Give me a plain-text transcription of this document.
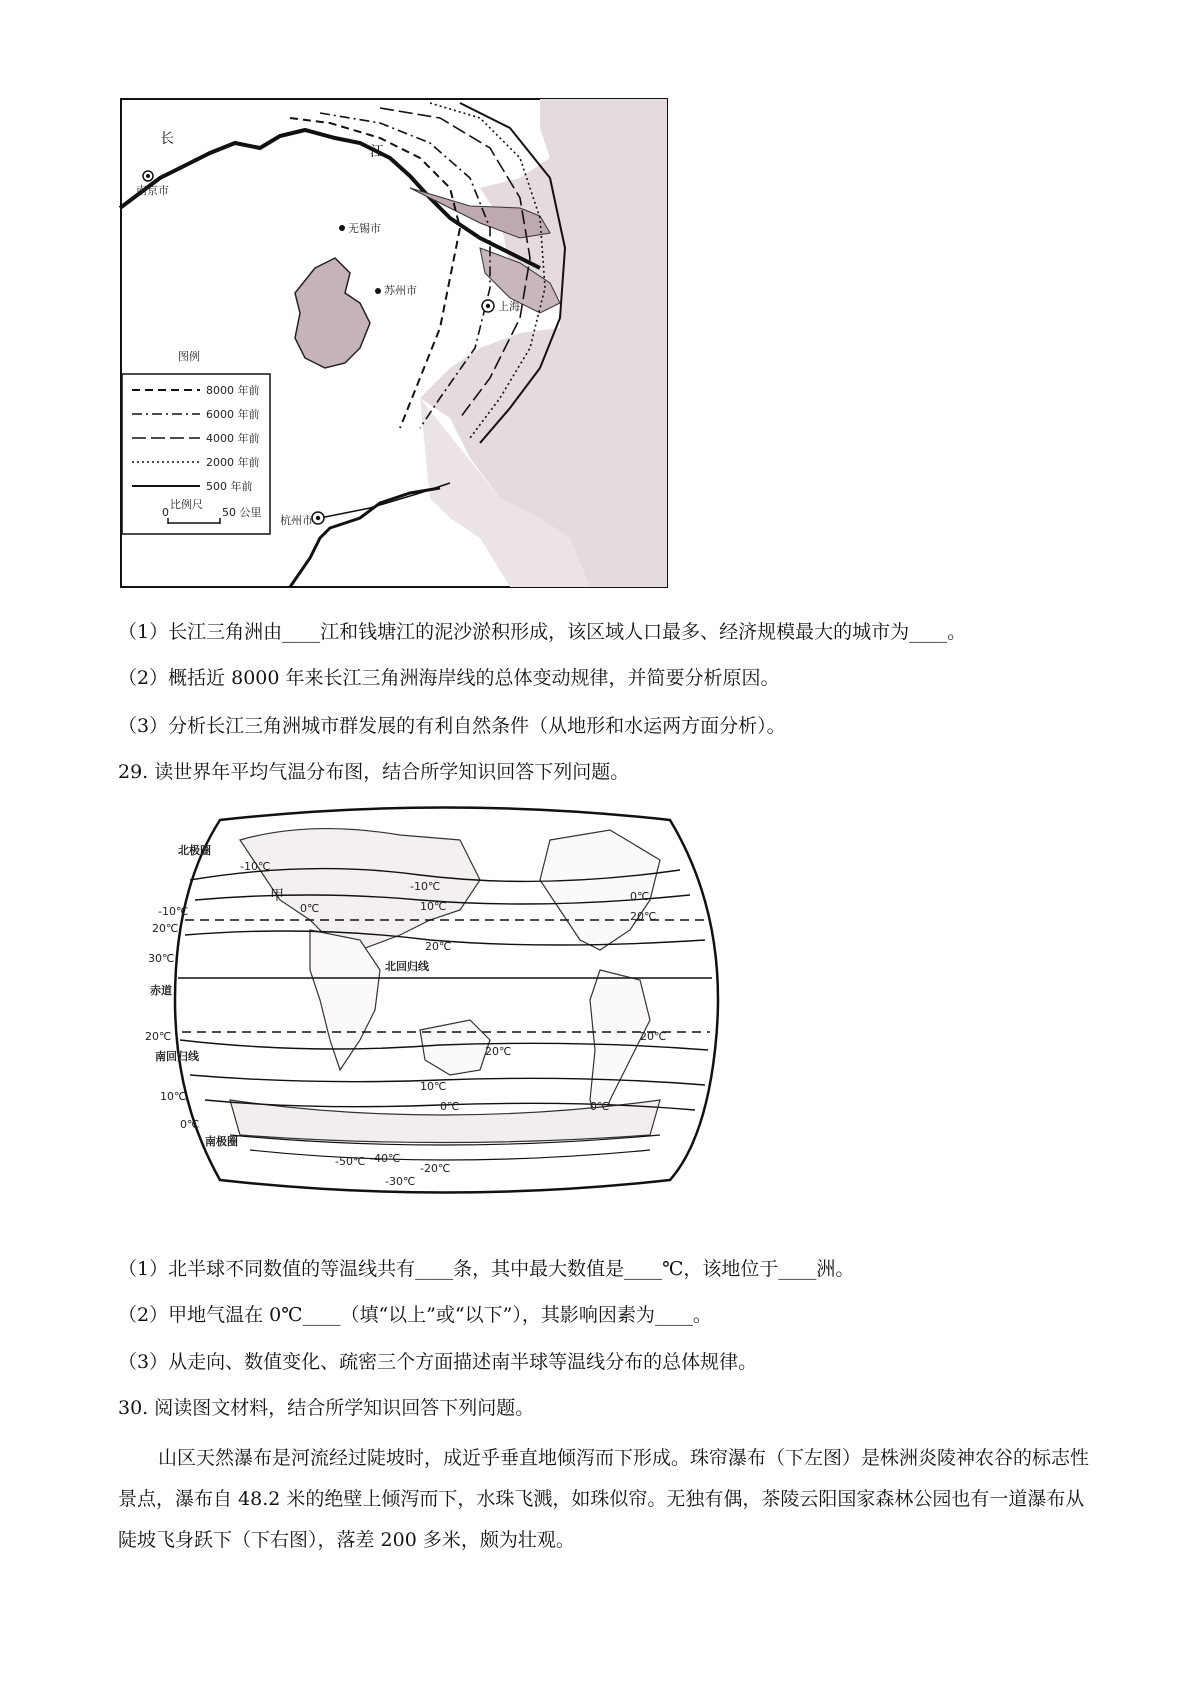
长
江
南京市
无锡市
苏州市
上海
杭州市
图例
8000 年前
6000 年前
4000 年前
2000 年前
500 年前
比例尺
0	50 公里
（1）长江三角洲由____江和钱塘江的泥沙淤积形成，该区域人口最多、经济规模最大的城市为____。
（2）概括近 8000 年来长江三角洲海岸线的总体变动规律，并简要分析原因。
（3）分析长江三角洲城市群发展的有利自然条件（从地形和水运两方面分析）。
29. 读世界年平均气温分布图，结合所学知识回答下列问题。
北极圈
北回归线
赤道
南回归线
南极圈
甲
-10℃
-10℃
-10℃
10℃
0℃
0℃
20℃
20℃
20℃
30℃
20℃
20℃
20℃
10℃
10℃
0℃	0℃
0℃
-50℃ -40℃
-30℃
-20℃
（1）北半球不同数值的等温线共有____条，其中最大数值是____℃，该地位于____洲。
（2）甲地气温在 0℃____（填“以上”或“以下”），其影响因素为____。
（3）从走向、数值变化、疏密三个方面描述南半球等温线分布的总体规律。
30. 阅读图文材料，结合所学知识回答下列问题。
山区天然瀑布是河流经过陡坡时，成近乎垂直地倾泻而下形成。珠帘瀑布（下左图）是株洲炎陵神农谷的标志性景点，瀑布自 48.2 米的绝壁上倾泻而下，水珠飞溅，如珠似帘。无独有偶，茶陵云阳国家森林公园也有一道瀑布从陡坡飞身跃下（下右图），落差 200 多米，颇为壮观。
